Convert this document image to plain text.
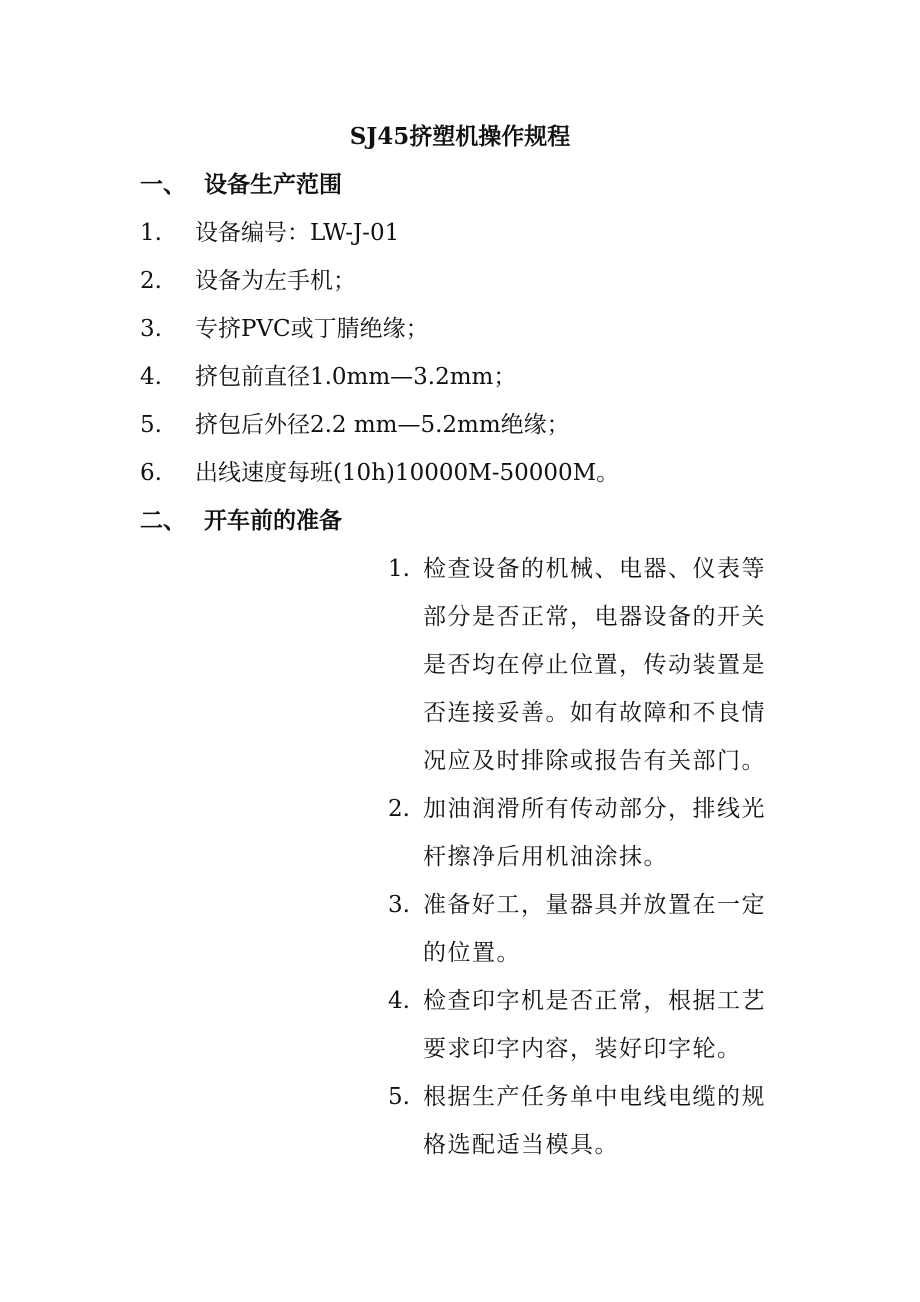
SJ45挤塑机操作规程
一、 设备生产范围
1. 设备编号：LW-J-01
2. 设备为左手机；
3. 专挤PVC或丁腈绝缘；
4. 挤包前直径1.0mm—3.2mm；
5. 挤包后外径2.2 mm—5.2mm绝缘；
6. 出线速度每班(10h)10000M-50000M。
二、 开车前的准备
1. 检查设备的机械、电器、仪表等
部分是否正常，电器设备的开关
是否均在停止位置，传动装置是
否连接妥善。如有故障和不良情
况应及时排除或报告有关部门。
2. 加油润滑所有传动部分，排线光
杆擦净后用机油涂抹。
3. 准备好工，量器具并放置在一定
的位置。
4. 检查印字机是否正常，根据工艺
要求印字内容，装好印字轮。
5. 根据生产任务单中电线电缆的规
格选配适当模具。
